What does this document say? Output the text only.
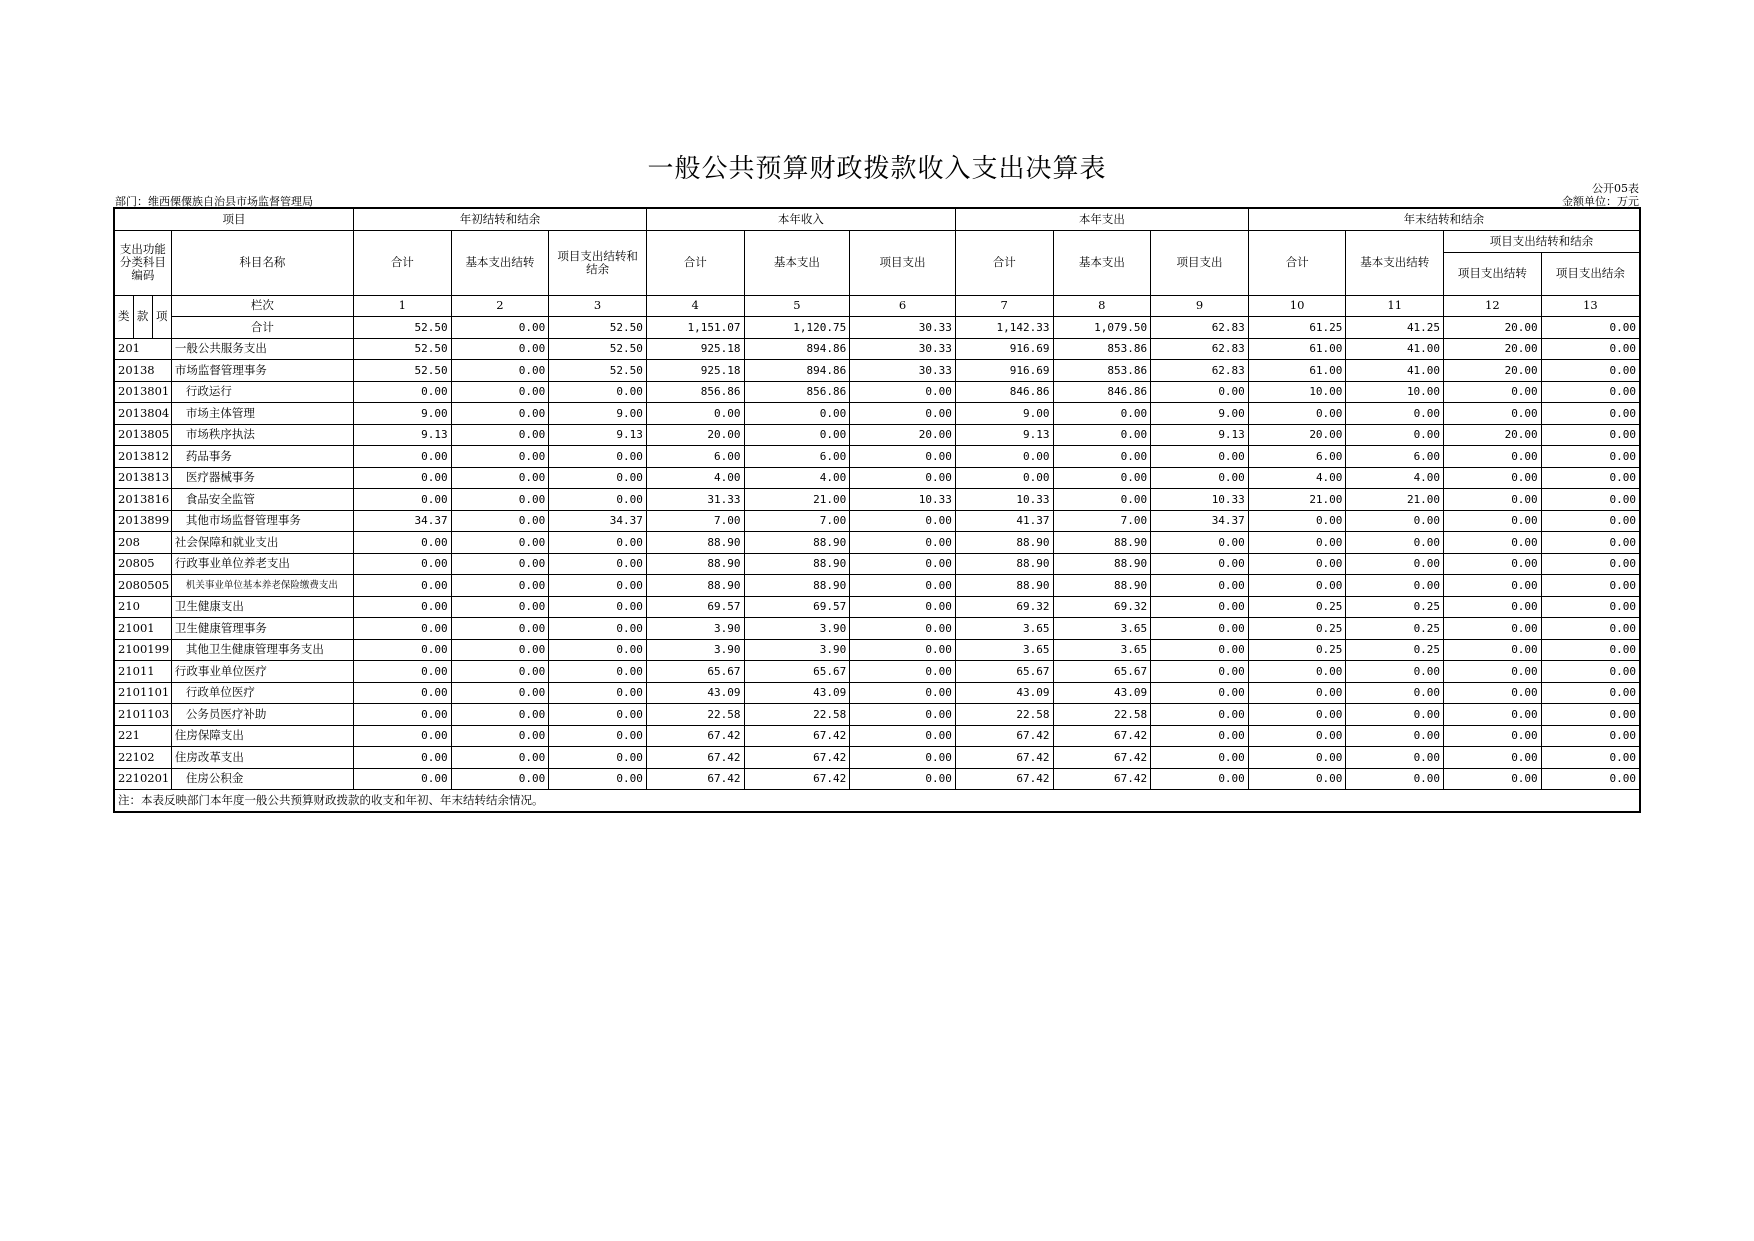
一般公共预算财政拨款收入支出决算表
公开05表
部门：维西傈僳族自治县市场监督管理局	金额单位：万元
项目				年初结转和结余			本年收入			本年支出			年末结转和结余			
支出功能分类科目编码			科目名称	合计	基本支出结转	项目支出结转和结余	合计	基本支出	项目支出	合计	基本支出	项目支出	合计	基本支出结转	项目支出结转和结余	
															项目支出结转	项目支出结余
类	款	项	栏次	1	2	3	4	5	6	7	8	9	10	11	12	13
			合计	52.50	0.00	52.50	1,151.07	1,120.75	30.33	1,142.33	1,079.50	62.83	61.25	41.25	20.00	0.00
201			一般公共服务支出	52.50	0.00	52.50	925.18	894.86	30.33	916.69	853.86	62.83	61.00	41.00	20.00	0.00
20138			市场监督管理事务	52.50	0.00	52.50	925.18	894.86	30.33	916.69	853.86	62.83	61.00	41.00	20.00	0.00
2013801			行政运行	0.00	0.00	0.00	856.86	856.86	0.00	846.86	846.86	0.00	10.00	10.00	0.00	0.00
2013804			市场主体管理	9.00	0.00	9.00	0.00	0.00	0.00	9.00	0.00	9.00	0.00	0.00	0.00	0.00
2013805			市场秩序执法	9.13	0.00	9.13	20.00	0.00	20.00	9.13	0.00	9.13	20.00	0.00	20.00	0.00
2013812			药品事务	0.00	0.00	0.00	6.00	6.00	0.00	0.00	0.00	0.00	6.00	6.00	0.00	0.00
2013813			医疗器械事务	0.00	0.00	0.00	4.00	4.00	0.00	0.00	0.00	0.00	4.00	4.00	0.00	0.00
2013816			食品安全监管	0.00	0.00	0.00	31.33	21.00	10.33	10.33	0.00	10.33	21.00	21.00	0.00	0.00
2013899			其他市场监督管理事务	34.37	0.00	34.37	7.00	7.00	0.00	41.37	7.00	34.37	0.00	0.00	0.00	0.00
208			社会保障和就业支出	0.00	0.00	0.00	88.90	88.90	0.00	88.90	88.90	0.00	0.00	0.00	0.00	0.00
20805			行政事业单位养老支出	0.00	0.00	0.00	88.90	88.90	0.00	88.90	88.90	0.00	0.00	0.00	0.00	0.00
2080505			机关事业单位基本养老保险缴费支出	0.00	0.00	0.00	88.90	88.90	0.00	88.90	88.90	0.00	0.00	0.00	0.00	0.00
210			卫生健康支出	0.00	0.00	0.00	69.57	69.57	0.00	69.32	69.32	0.00	0.25	0.25	0.00	0.00
21001			卫生健康管理事务	0.00	0.00	0.00	3.90	3.90	0.00	3.65	3.65	0.00	0.25	0.25	0.00	0.00
2100199			其他卫生健康管理事务支出	0.00	0.00	0.00	3.90	3.90	0.00	3.65	3.65	0.00	0.25	0.25	0.00	0.00
21011			行政事业单位医疗	0.00	0.00	0.00	65.67	65.67	0.00	65.67	65.67	0.00	0.00	0.00	0.00	0.00
2101101			行政单位医疗	0.00	0.00	0.00	43.09	43.09	0.00	43.09	43.09	0.00	0.00	0.00	0.00	0.00
2101103			公务员医疗补助	0.00	0.00	0.00	22.58	22.58	0.00	22.58	22.58	0.00	0.00	0.00	0.00	0.00
221			住房保障支出	0.00	0.00	0.00	67.42	67.42	0.00	67.42	67.42	0.00	0.00	0.00	0.00	0.00
22102			住房改革支出	0.00	0.00	0.00	67.42	67.42	0.00	67.42	67.42	0.00	0.00	0.00	0.00	0.00
2210201			住房公积金	0.00	0.00	0.00	67.42	67.42	0.00	67.42	67.42	0.00	0.00	0.00	0.00	0.00
注：本表反映部门本年度一般公共预算财政拨款的收支和年初、年末结转结余情况。																
